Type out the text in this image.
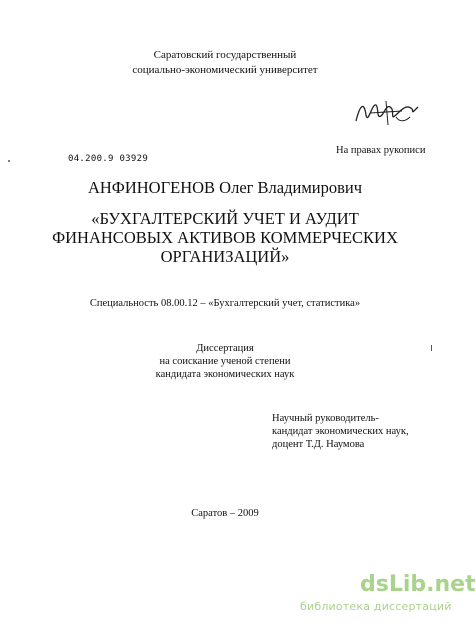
Саратовский государственный
социально-экономический университет
На правах рукописи
04.200.9 03929
АНФИНОГЕНОВ Олег Владимирович
«БУХГАЛТЕРСКИЙ УЧЕТ И АУДИТ
ФИНАНСОВЫХ АКТИВОВ КОММЕРЧЕСКИХ
ОРГАНИЗАЦИЙ»
Специальность 08.00.12 – «Бухгалтерский учет, статистика»
Диссертация
на соискание ученой степени
кандидата экономических наук
Научный руководитель-
кандидат экономических наук,
доцент Т.Д. Наумова
Саратов – 2009
dsLib.net
библиотека диссертаций
